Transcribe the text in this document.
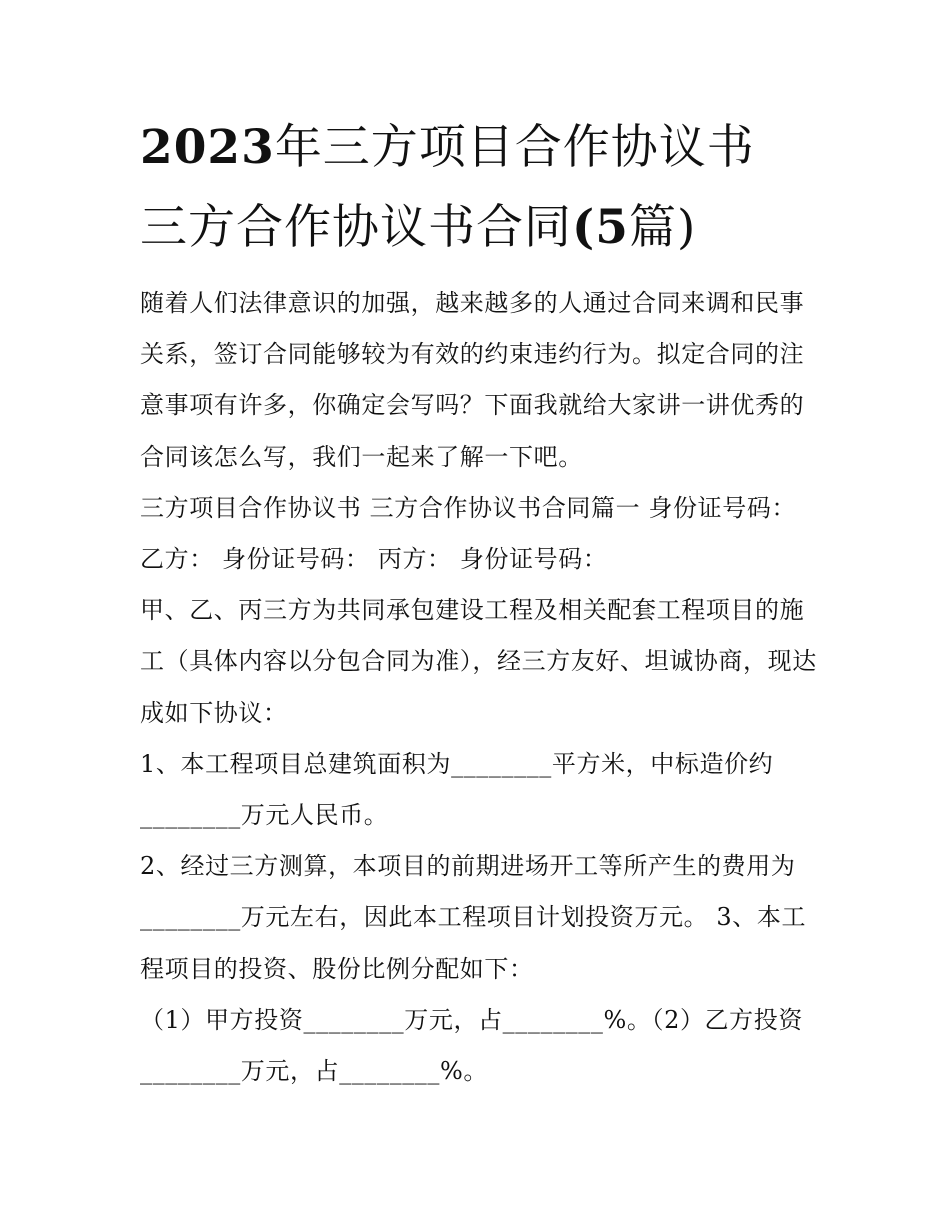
2023年三方项目合作协议书
三方合作协议书合同(5篇)

随着人们法律意识的加强，越来越多的人通过合同来调和民事关系，签订合同能够较为有效的约束违约行为。拟定合同的注意事项有许多，你确定会写吗？下面我就给大家讲一讲优秀的合同该怎么写，我们一起来了解一下吧。

三方项目合作协议书 三方合作协议书合同篇一 身份证号码：

乙方： 身份证号码： 丙方： 身份证号码：

甲、乙、丙三方为共同承包建设工程及相关配套工程项目的施工（具体内容以分包合同为准），经三方友好、坦诚协商，现达成如下协议：

1、本工程项目总建筑面积为________平方米，中标造价约________万元人民币。

2、经过三方测算，本项目的前期进场开工等所产生的费用为________万元左右，因此本工程项目计划投资万元。 3、本工程项目的投资、股份比例分配如下：

（1）甲方投资________万元，占________%。（2）乙方投资________万元，占________%。
